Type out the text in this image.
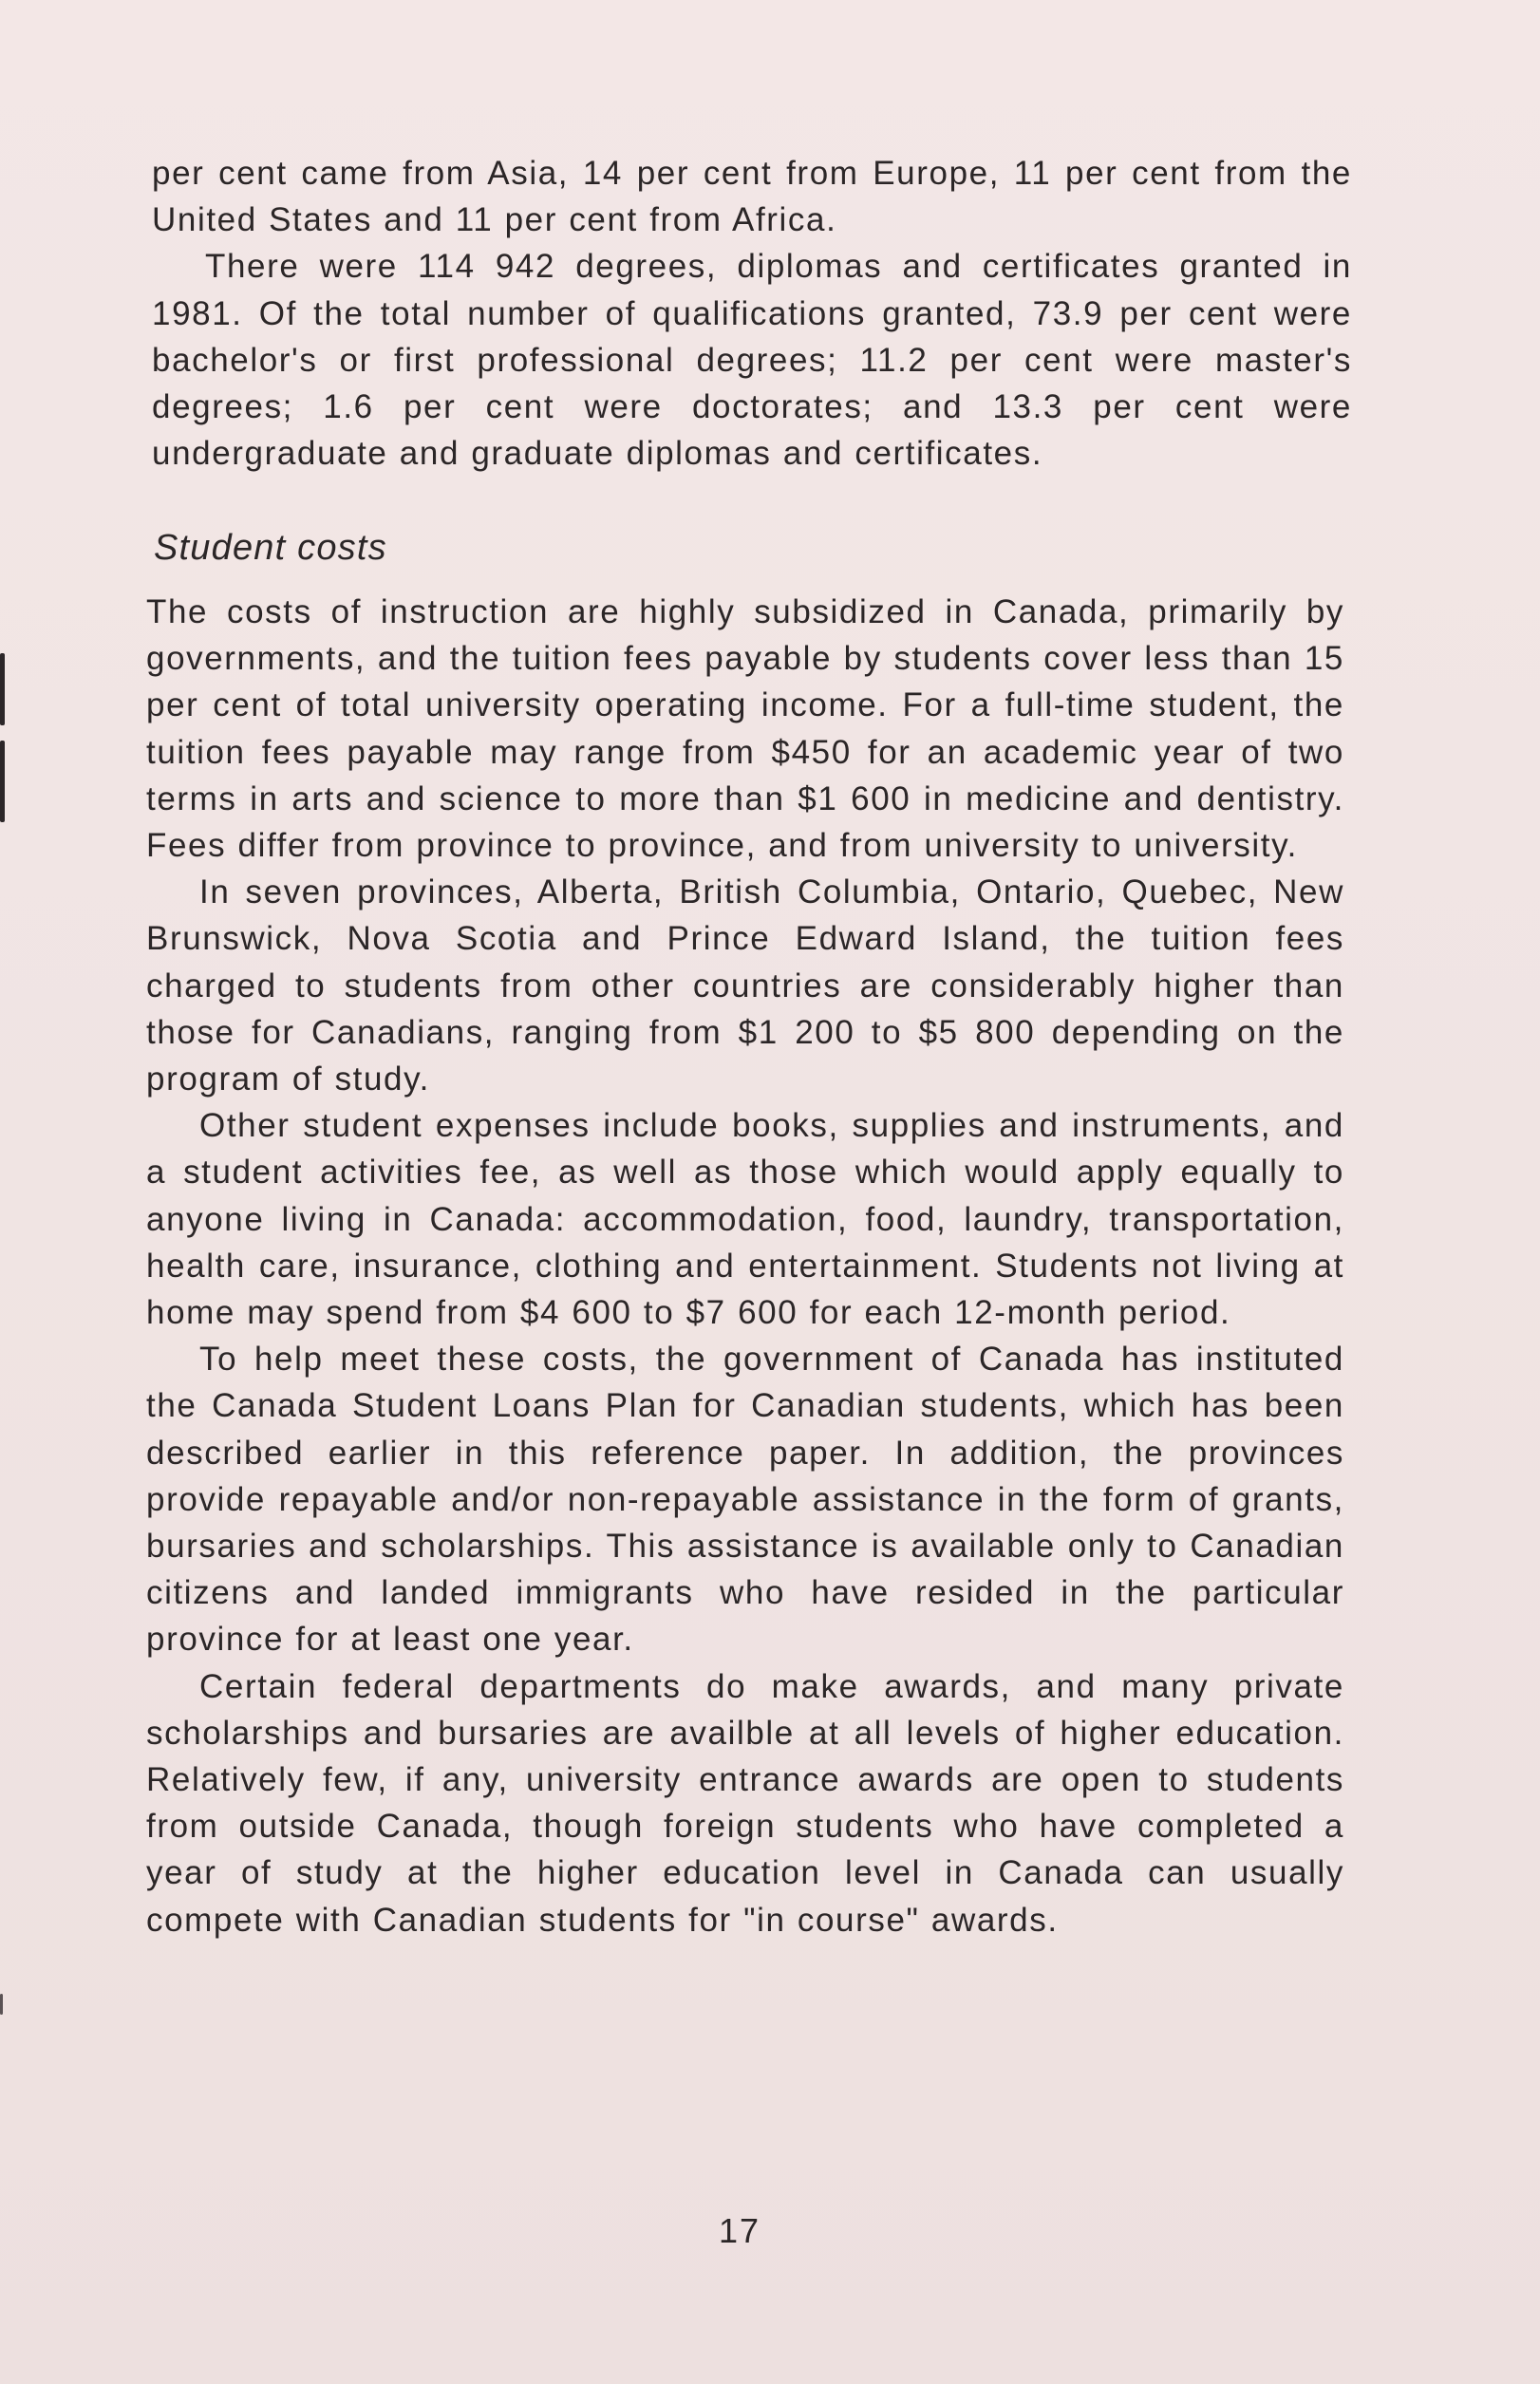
per cent came from Asia, 14 per cent from Europe, 11 per cent from the United States and 11 per cent from Africa.

There were 114 942 degrees, diplomas and certificates granted in 1981. Of the total number of qualifications granted, 73.9 per cent were bachelor's or first professional degrees; 11.2 per cent were master's degrees; 1.6 per cent were doctorates; and 13.3 per cent were undergraduate and graduate diplomas and certificates.

Student costs

The costs of instruction are highly subsidized in Canada, primarily by governments, and the tuition fees payable by students cover less than 15 per cent of total university operating income. For a full-time student, the tuition fees payable may range from $450 for an academic year of two terms in arts and science to more than $1 600 in medicine and dentistry. Fees differ from province to province, and from university to university.

In seven provinces, Alberta, British Columbia, Ontario, Quebec, New Brunswick, Nova Scotia and Prince Edward Island, the tuition fees charged to students from other countries are considerably higher than those for Canadians, ranging from $1 200 to $5 800 depending on the program of study.

Other student expenses include books, supplies and instruments, and a student activities fee, as well as those which would apply equally to anyone living in Canada: accommodation, food, laundry, transportation, health care, insurance, clothing and entertainment. Students not living at home may spend from $4 600 to $7 600 for each 12-month period.

To help meet these costs, the government of Canada has instituted the Canada Student Loans Plan for Canadian students, which has been described earlier in this reference paper. In addition, the provinces provide repayable and/or non-repayable assistance in the form of grants, bursaries and scholarships. This assistance is available only to Canadian citizens and landed immigrants who have resided in the particular province for at least one year.

Certain federal departments do make awards, and many private scholarships and bursaries are availble at all levels of higher education. Relatively few, if any, university entrance awards are open to students from outside Canada, though foreign students who have completed a year of study at the higher education level in Canada can usually compete with Canadian students for "in course" awards.

17
